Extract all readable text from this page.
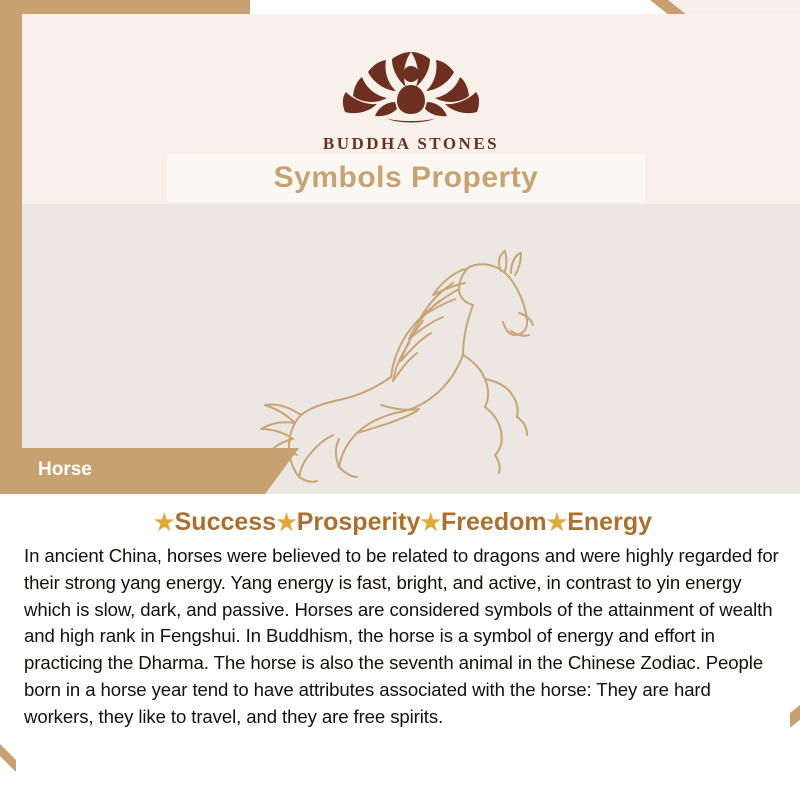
BUDDHA STONES
Symbols Property
Horse
★Success★Prosperity★Freedom★Energy
In ancient China, horses were believed to be related to dragons and were highly regarded for their strong yang energy. Yang energy is fast, bright, and active, in contrast to yin energy which is slow, dark, and passive. Horses are considered symbols of the attainment of wealth and high rank in Fengshui. In Buddhism, the horse is a symbol of energy and effort in practicing the Dharma. The horse is also the seventh animal in the Chinese Zodiac. People born in a horse year tend to have attributes associated with the horse: They are hard workers, they like to travel, and they are free spirits.
